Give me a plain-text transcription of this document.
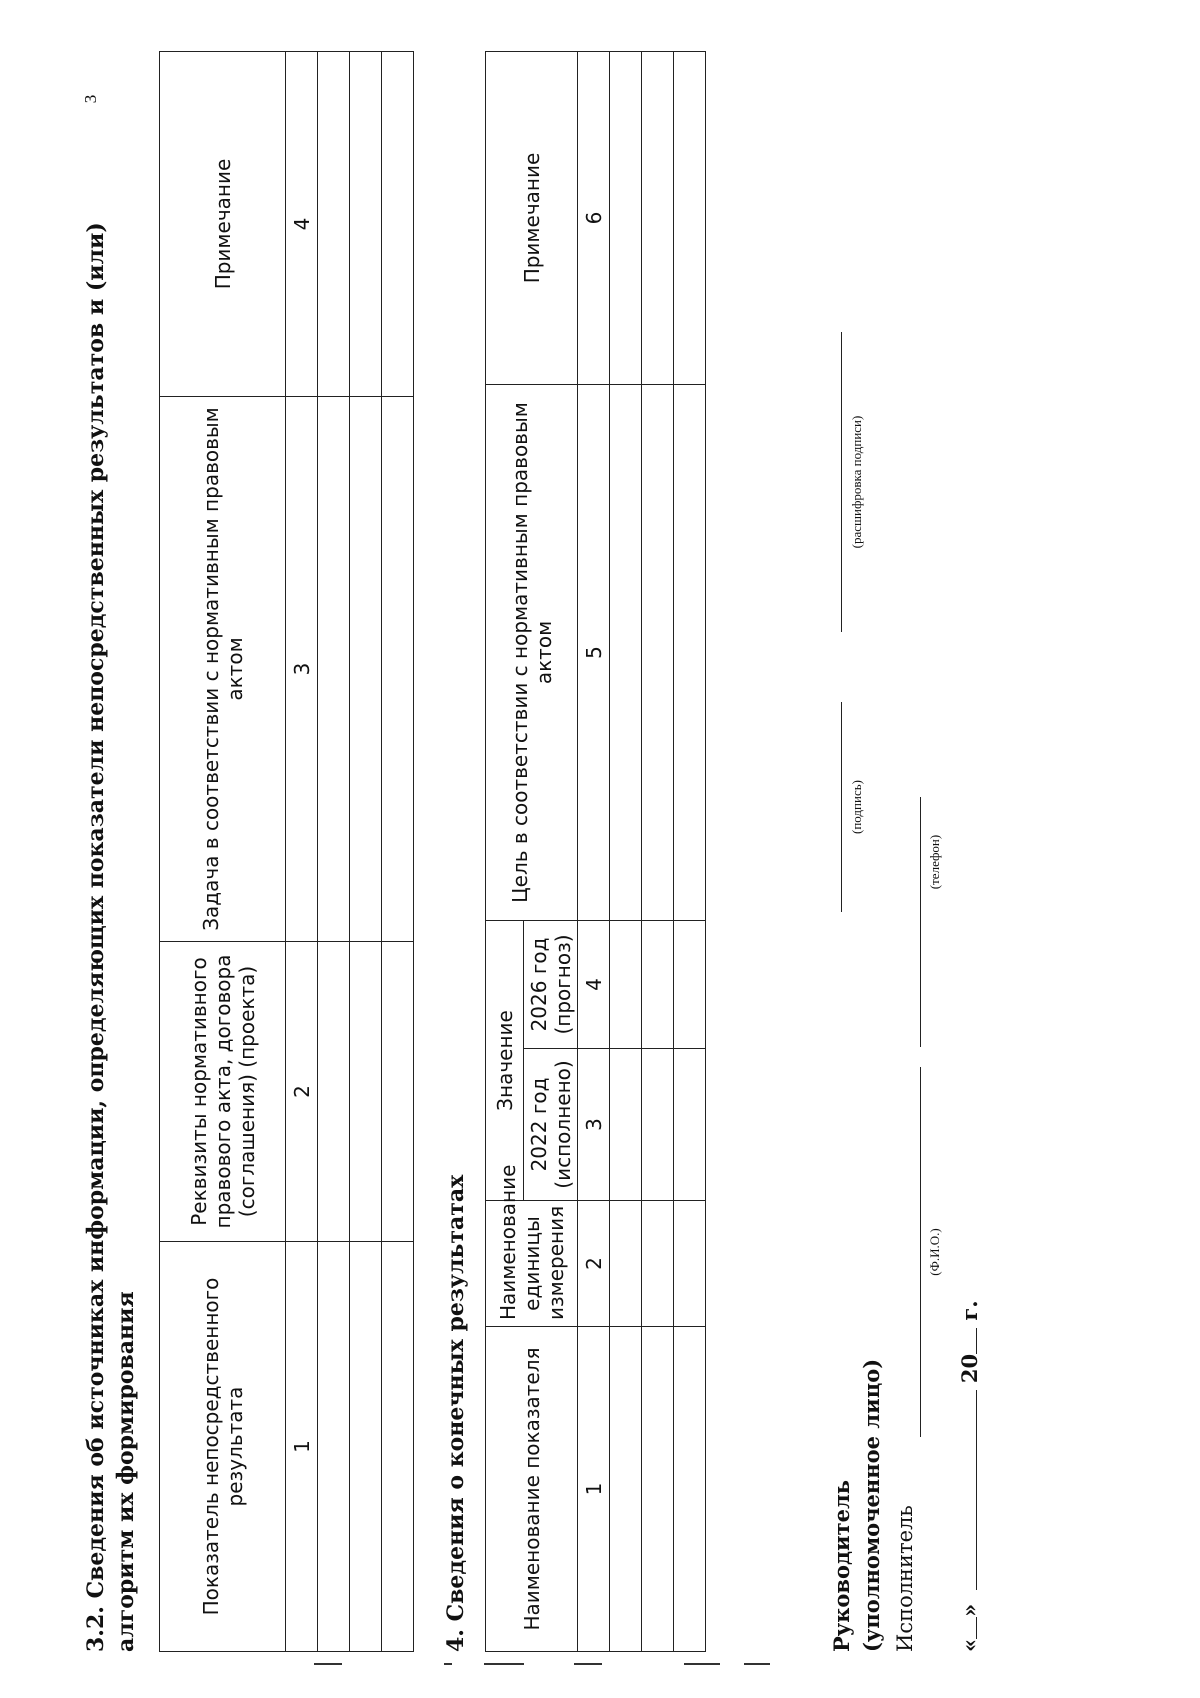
3
3.2. Сведения об источниках информации, определяющих показатели непосредственных результатов и (или) алгоритм их формирования	Показатель непосредственного результата	Реквизиты нормативного правового акта, договора (соглашения) (проекта)	Задача в соответствии с нормативным правовым актом	Примечание
1	2	3	4

4. Сведения о конечных результатах	Наименование показателя	Наименование единицы измерения	Значение		Цель в соответствии с нормативным правовым актом	Примечание
		2022 год (исполнено)	2026 год (прогноз)		
1	2	3	4	5	6

Руководитель (уполномоченное лицо)
(подпись)
(расшифровка подписи)
Исполнитель
(Ф.И.О.)
(телефон)
«»  20 г.
